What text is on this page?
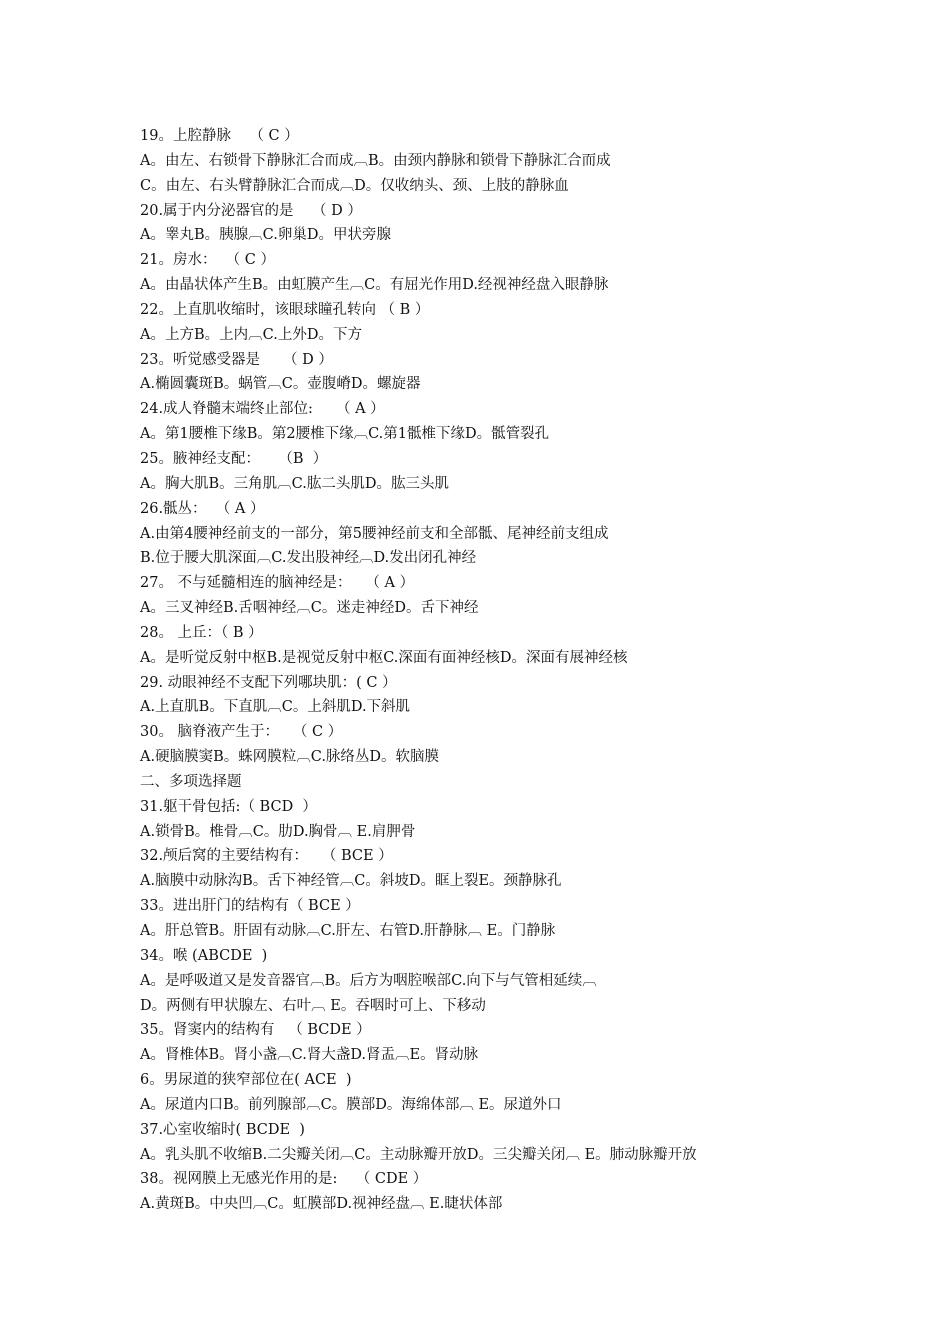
19。上腔静脉    （ C ）
A。由左、右锁骨下静脉汇合而成︹B。由颈内静脉和锁骨下静脉汇合而成
C。由左、右头臂静脉汇合而成︹D。仅收纳头、颈、上肢的静脉血
20.属于内分泌器官的是    （ D ）
A。睾丸B。胰腺︹C.卵巢D。甲状旁腺
21。房水：  （ C ）
A。由晶状体产生B。由虹膜产生︹C。有屈光作用D.经视神经盘入眼静脉
22。上直肌收缩时，该眼球瞳孔转向 （ B ）
A。上方B。上内︹C.上外D。下方
23。听觉感受器是     （ D ）
A.椭圆囊斑B。蜗管︹C。壶腹嵴D。螺旋器
24.成人脊髓末端终止部位:     （ A ）
A。第1腰椎下缘B。第2腰椎下缘︹C.第1骶椎下缘D。骶管裂孔
25。腋神经支配：    （B  ）
A。胸大肌B。三角肌︹C.肱二头肌D。肱三头肌
26.骶丛：  （ A ）
A.由第4腰神经前支的一部分，第5腰神经前支和全部骶、尾神经前支组成
B.位于腰大肌深面︹C.发出股神经︹D.发出闭孔神经
27。 不与延髓相连的脑神经是：   （ A ）
A。三叉神经B.舌咽神经︹C。迷走神经D。舌下神经
28。 上丘：（ B ）
A。是听觉反射中枢B.是视觉反射中枢C.深面有面神经核D。深面有展神经核
29. 动眼神经不支配下列哪块肌：( C ）
A.上直肌B。下直肌︹C。上斜肌D.下斜肌
30。 脑脊液产生于：   （ C ）
A.硬脑膜窦B。蛛网膜粒︹C.脉络丛D。软脑膜
二、多项选择题
31.躯干骨包括:（ BCD  ）
A.锁骨B。椎骨︹C。肋D.胸骨︹ E.肩胛骨
32.颅后窝的主要结构有：   （ BCE ）
A.脑膜中动脉沟B。舌下神经管︹C。斜坡D。眶上裂E。颈静脉孔
33。进出肝门的结构有（ BCE ）
A。肝总管B。肝固有动脉︹C.肝左、右管D.肝静脉︹ E。门静脉
34。喉 (ABCDE  )
A。是呼吸道又是发音器官︹B。后方为咽腔喉部C.向下与气管相延续︹
D。两侧有甲状腺左、右叶︹ E。吞咽时可上、下移动
35。肾窦内的结构有   （ BCDE ）
A。肾椎体B。肾小盏︹C.肾大盏D.肾盂︹E。肾动脉
6。男尿道的狭窄部位在( ACE  )
A。尿道内口B。前列腺部︹C。膜部D。海绵体部︹ E。尿道外口
37.心室收缩时( BCDE  )
A。乳头肌不收缩B.二尖瓣关闭︹C。主动脉瓣开放D。三尖瓣关闭︹ E。肺动脉瓣开放
38。视网膜上无感光作用的是:    （ CDE ）
A.黄斑B。中央凹︹C。虹膜部D.视神经盘︹ E.睫状体部
